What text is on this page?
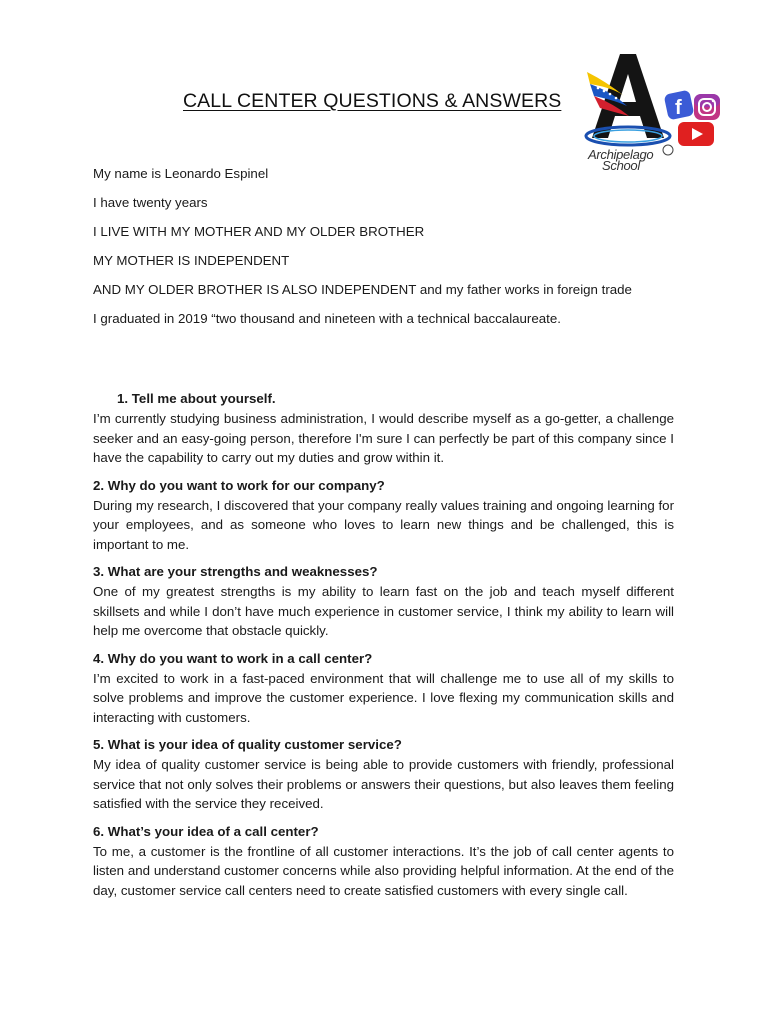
CALL CENTER QUESTIONS & ANSWERS	f
Archipelago
School

My name is Leonardo Espinel

I have twenty years

I LIVE WITH MY MOTHER AND MY OLDER BROTHER

MY MOTHER IS INDEPENDENT

AND MY OLDER BROTHER IS ALSO INDEPENDENT and my father works in foreign trade

I graduated in 2019 “two thousand and nineteen with a technical baccalaureate.

1. Tell me about yourself.

I’m currently studying business administration, I would describe myself as a go-getter, a challenge seeker and an easy-going person, therefore I'm sure I can perfectly be part of this company since I have the capability to carry out my duties and grow within it.

2. Why do you want to work for our company?

During my research, I discovered that your company really values training and ongoing learning for your employees, and as someone who loves to learn new things and be challenged, this is important to me.

3. What are your strengths and weaknesses?

One of my greatest strengths is my ability to learn fast on the job and teach myself different skillsets and while I don’t have much experience in customer service, I think my ability to learn will help me overcome that obstacle quickly.

4. Why do you want to work in a call center?

I’m excited to work in a fast-paced environment that will challenge me to use all of my skills to solve problems and improve the customer experience. I love flexing my communication skills and interacting with customers.

5. What is your idea of quality customer service?

My idea of quality customer service is being able to provide customers with friendly, professional service that not only solves their problems or answers their questions, but also leaves them feeling satisfied with the service they received.

6. What’s your idea of a call center?

To me, a customer is the frontline of all customer interactions. It’s the job of call center agents to listen and understand customer concerns while also providing helpful information. At the end of the day, customer service call centers need to create satisfied customers with every single call.
